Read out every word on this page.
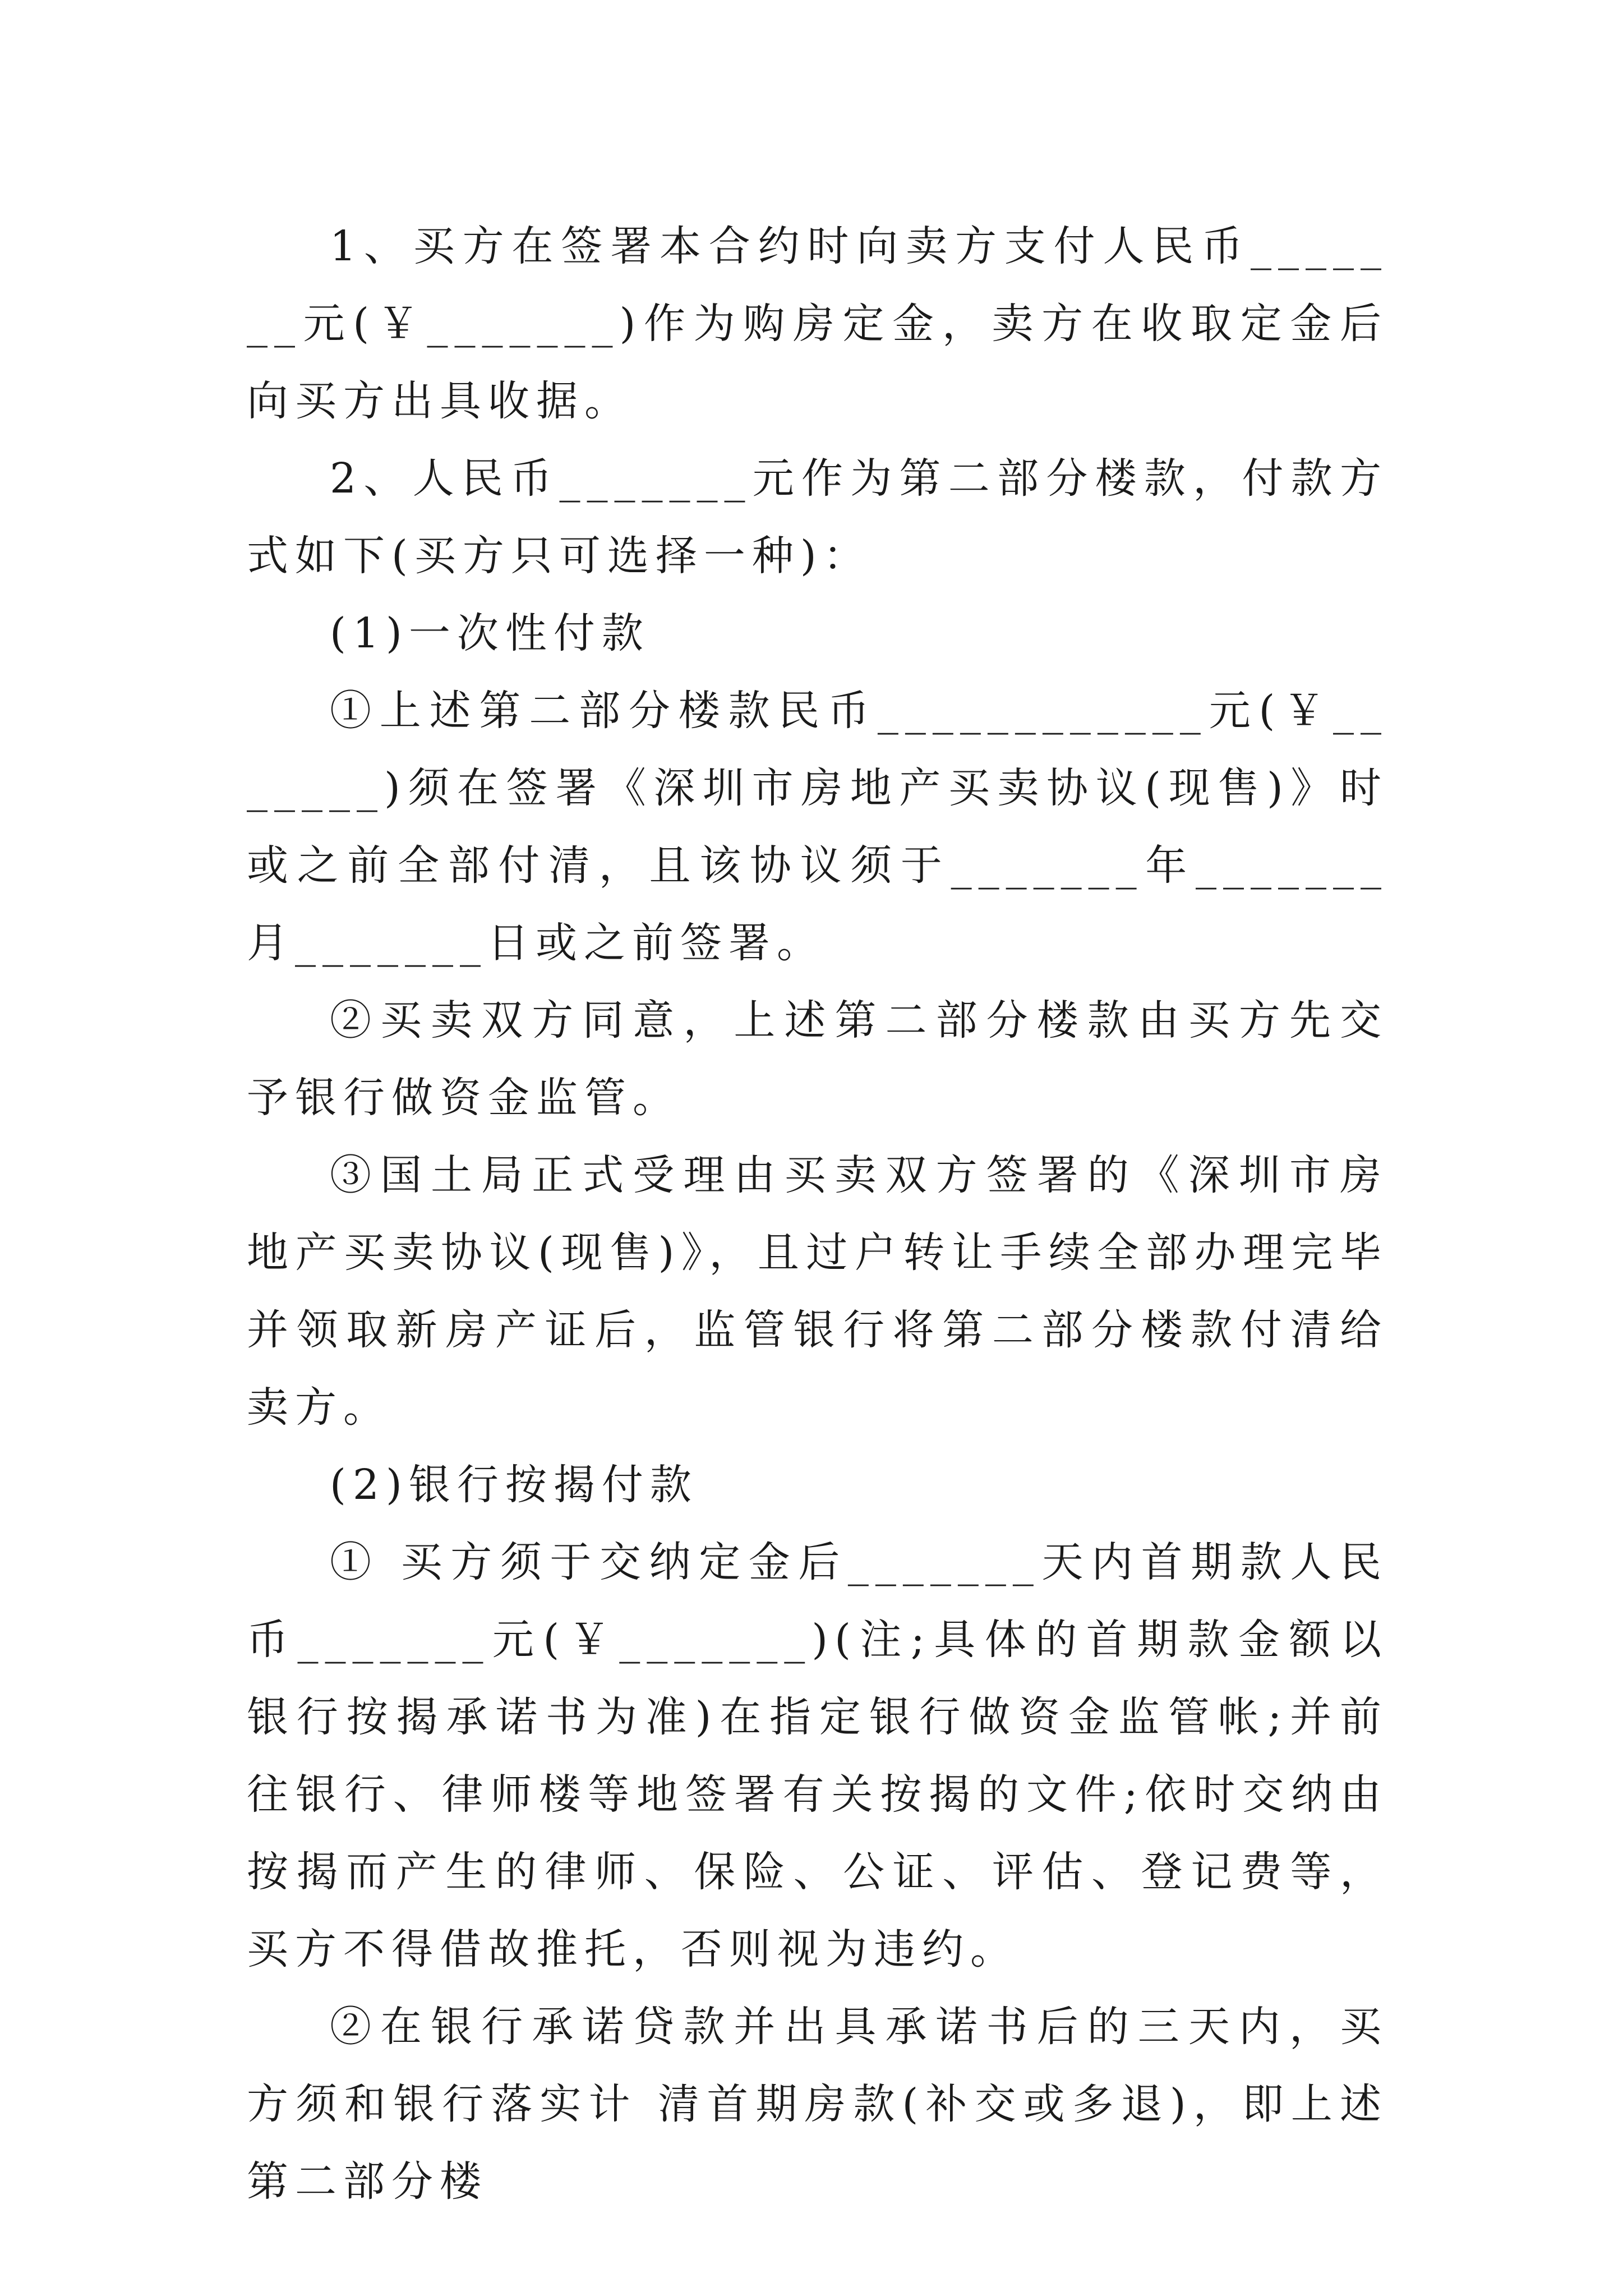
1、买方在签署本合约时向卖方支付人民币_______元(￥_______)作为购房定金，卖方在收取定金后向买方出具收据。

2、人民币_______元作为第二部分楼款，付款方式如下(买方只可选择一种)：

(1)一次性付款

①上述第二部分楼款民币____________元(￥_______)须在签署《深圳市房地产买卖协议(现售)》时或之前全部付清，且该协议须于_______年_______月_______日或之前签署。

②买卖双方同意，上述第二部分楼款由买方先交予银行做资金监管。

③国土局正式受理由买卖双方签署的《深圳市房地产买卖协议(现售)》，且过户转让手续全部办理完毕并领取新房产证后，监管银行将第二部分楼款付清给卖方。

(2)银行按揭付款

① 买方须于交纳定金后_______天内首期款人民币_______元(￥_______)(注;具体的首期款金额以银行按揭承诺书为准)在指定银行做资金监管帐;并前往银行、律师楼等地签署有关按揭的文件;依时交纳由按揭而产生的律师、保险、公证、评估、登记费等，买方不得借故推托，否则视为违约。

②在银行承诺贷款并出具承诺书后的三天内，买方须和银行落实计 清首期房款(补交或多退)，即上述第二部分楼
